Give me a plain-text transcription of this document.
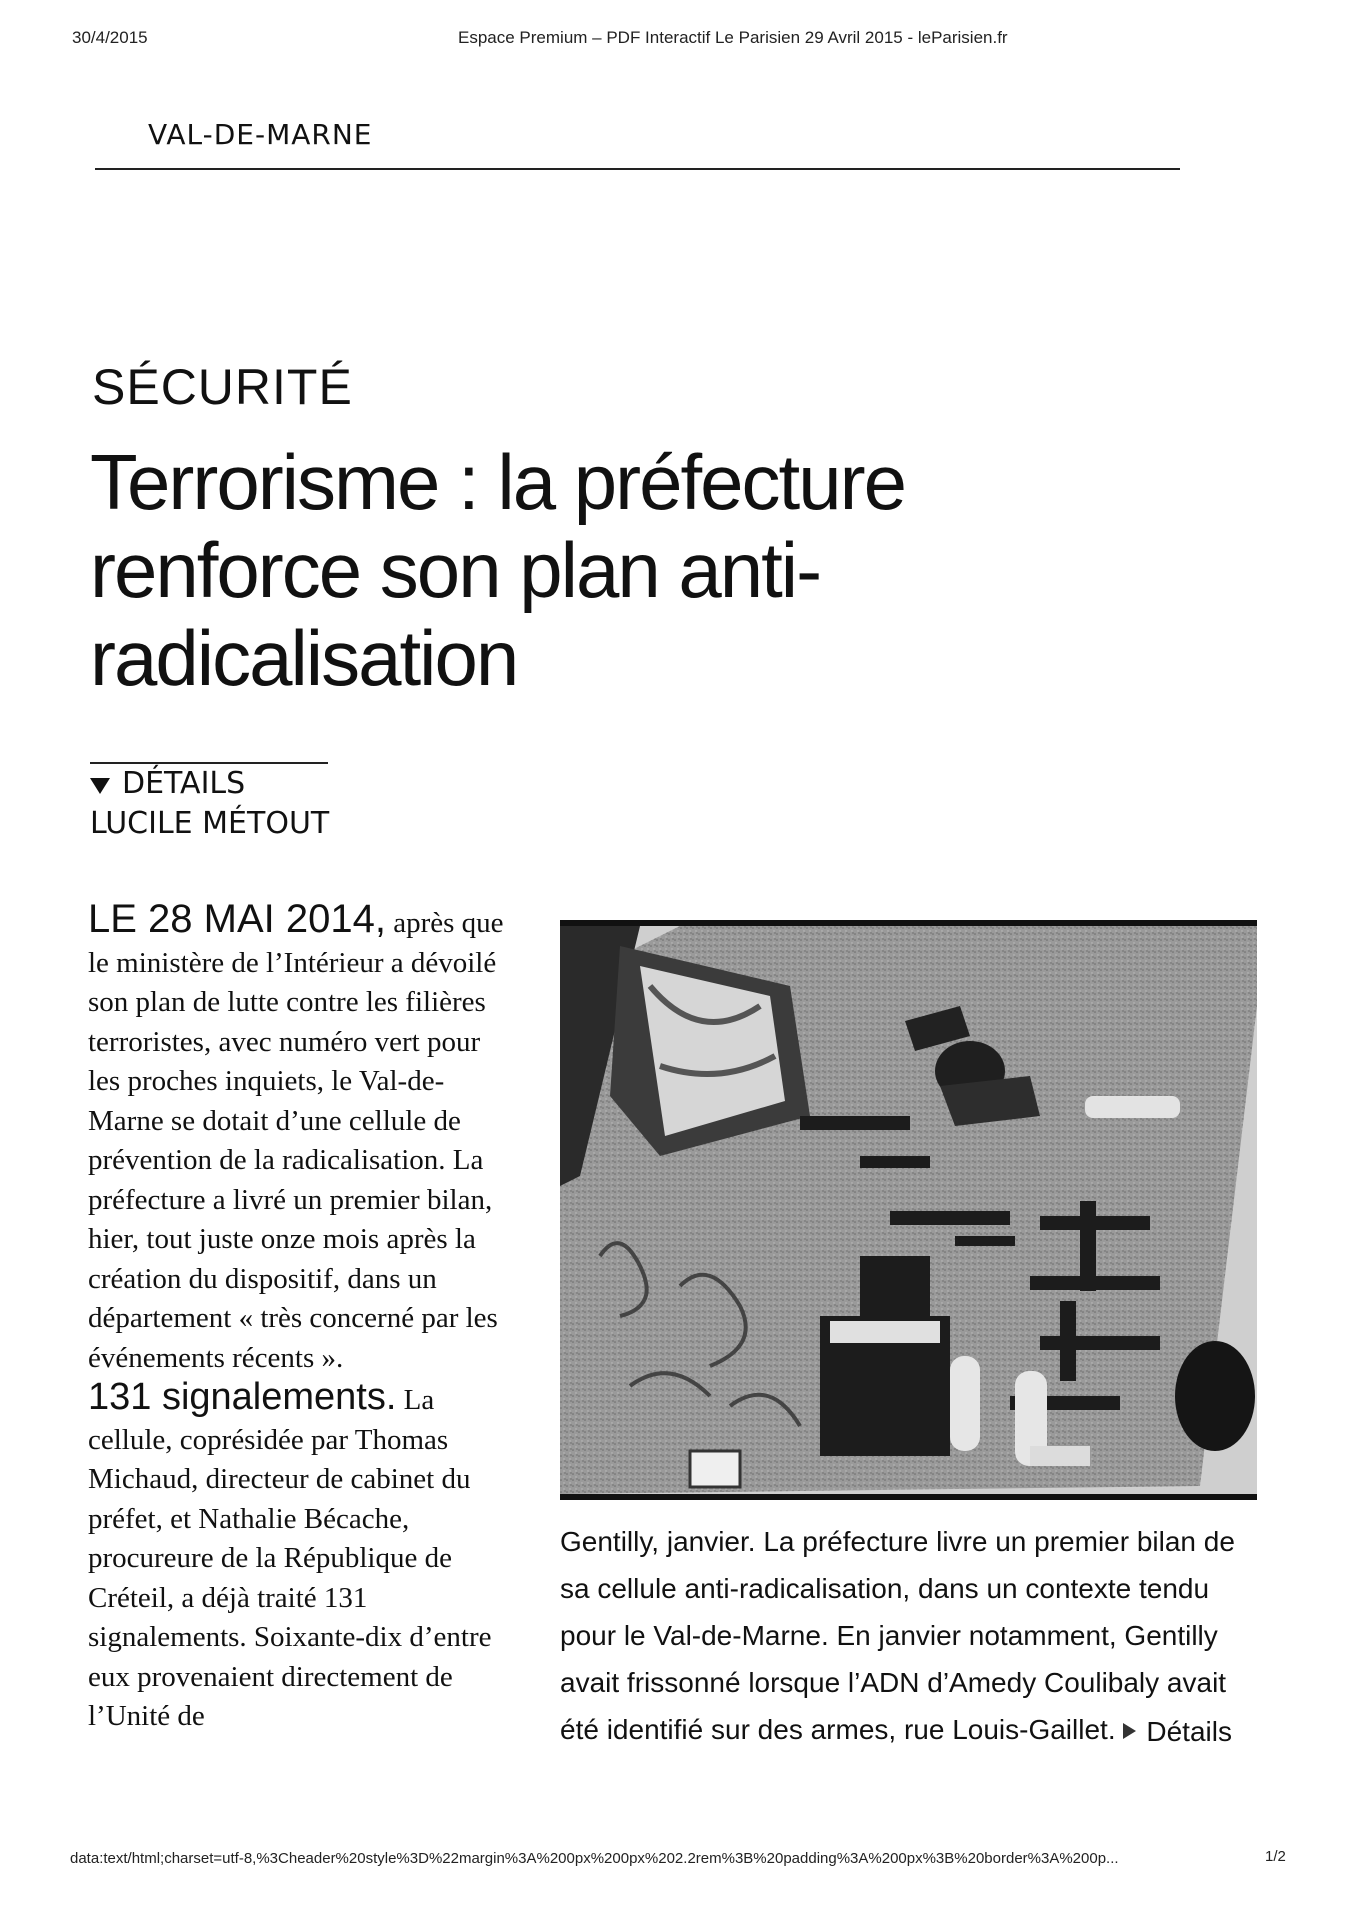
30/4/2015	Espace Premium – PDF Interactif Le Parisien 29 Avril 2015 - leParisien.fr
VAL-DE-MARNE
SÉCURITÉ
Terrorisme : la préfecture
renforce son plan anti-
radicalisation
DÉTAILS
LUCILE MÉTOUT
LE 28 MAI 2014, après que le ministère de l’Intérieur a dévoilé son plan de lutte contre les filières terroristes, avec numéro vert pour les proches inquiets, le Val-de-Marne se dotait d’une cellule de prévention de la radicalisation. La préfecture a livré un premier bilan, hier, tout juste onze mois après la création du dispositif, dans un département « très concerné par les événements récents ».
131 signalements. La cellule, coprésidée par Thomas Michaud, directeur de cabinet du préfet, et Nathalie Bécache, procureure de la République de Créteil, a déjà traité 131 signalements. Soixante-dix d’entre eux provenaient directement de l’Unité de
Gentilly, janvier. La préfecture livre un premier bilan de sa cellule anti-radicalisation, dans un contexte tendu pour le Val-de-Marne. En janvier notamment, Gentilly avait frissonné lorsque l’ADN d’Amedy Coulibaly avait été identifié sur des armes, rue Louis-Gaillet. Détails
data:text/html;charset=utf-8,%3Cheader%20style%3D%22margin%3A%200px%200px%202.2rem%3B%20padding%3A%200px%3B%20border%3A%200p...	1/2
